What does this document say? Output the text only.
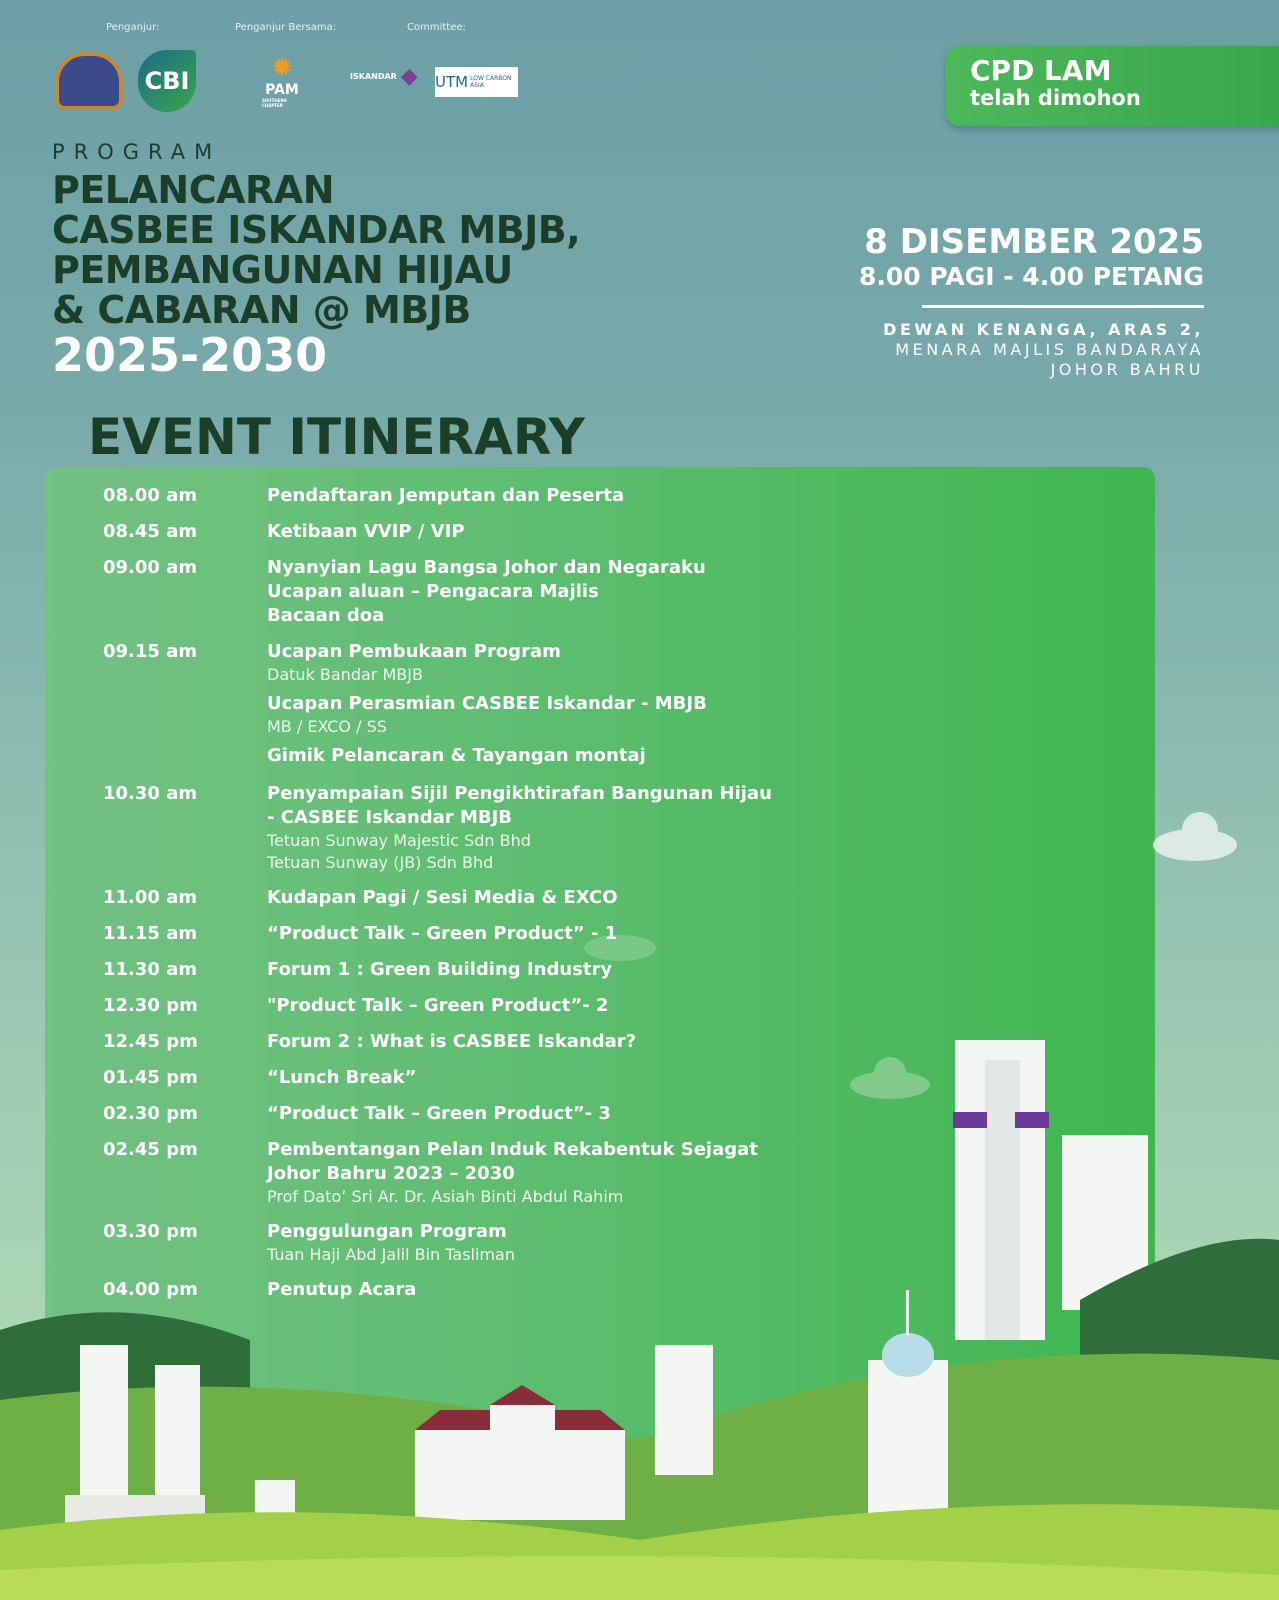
Penganjur:	Penganjur Bersama:	Committee:
CBI	✹
PAM
SOUTHERN CHAPTER
ISKANDAR ◆ UTM LOW CARBON ASIA	CPD LAM
telah dimohon
PROGRAM
PELANCARAN
CASBEE ISKANDAR MBJB,
PEMBANGUNAN HIJAU
& CABARAN @ MBJB
2025-2030
8 DISEMBER 2025
8.00 PAGI - 4.00 PETANG
DEWAN KENANGA, ARAS 2,
MENARA MAJLIS BANDARAYA
JOHOR BAHRU
EVENT ITINERARY
08.00 am	Pendaftaran Jemputan dan Peserta
08.45 am	Ketibaan VVIP / VIP
09.00 am	Nyanyian Lagu Bangsa Johor dan Negaraku
Ucapan aluan – Pengacara Majlis
Bacaan doa
09.15 am	Ucapan Pembukaan Program
Datuk Bandar MBJB
Ucapan Perasmian CASBEE Iskandar - MBJB
MB / EXCO / SS
Gimik Pelancaran & Tayangan montaj
10.30 am	Penyampaian Sijil Pengikhtirafan Bangunan Hijau
- CASBEE Iskandar MBJB
Tetuan Sunway Majestic Sdn Bhd
Tetuan Sunway (JB) Sdn Bhd
11.00 am	Kudapan Pagi / Sesi Media & EXCO
11.15 am	“Product Talk – Green Product” - 1
11.30 am	Forum 1 : Green Building Industry
12.30 pm	"Product Talk – Green Product”- 2
12.45 pm	Forum 2 : What is CASBEE Iskandar?
01.45 pm	“Lunch Break”
02.30 pm	“Product Talk – Green Product”- 3
02.45 pm	Pembentangan Pelan Induk Rekabentuk Sejagat
Johor Bahru 2023 – 2030
Prof Dato’ Sri Ar. Dr. Asiah Binti Abdul Rahim
03.30 pm	Penggulungan Program
Tuan Haji Abd Jalil Bin Tasliman
04.00 pm	Penutup Acara
